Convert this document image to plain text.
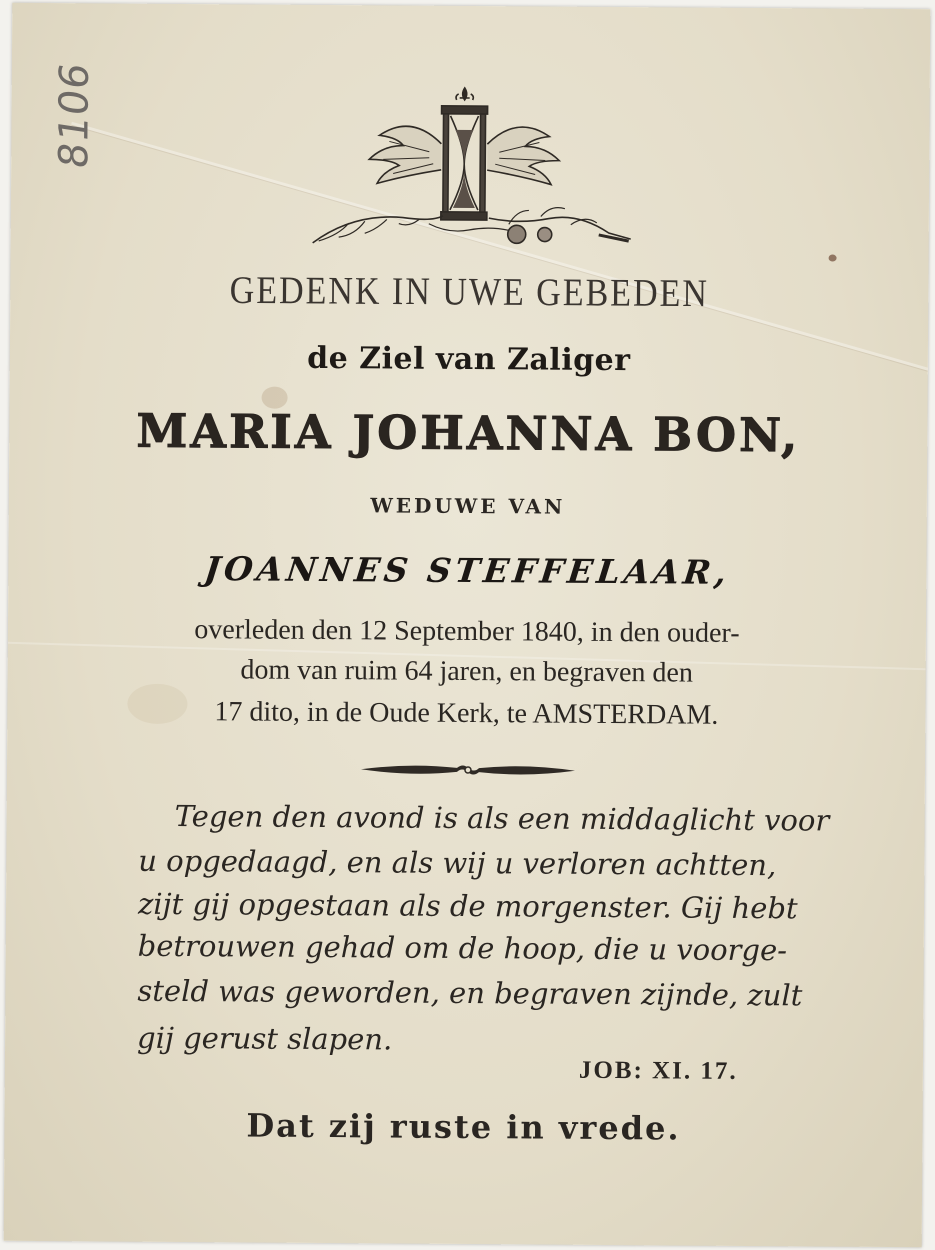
8106
GEDENK IN UWE GEBEDEN
de Ziel van Zaliger
MARIA JOHANNA BON,
WEDUWE VAN
JOANNES STEFFELAAR,
overleden den 12 September 1840, in den ouder-
dom van ruim 64 jaren, en begraven den
17 dito, in de Oude Kerk, te AMSTERDAM.
Tegen den avond is als een middaglicht voor
u opgedaagd, en als wij u verloren achtten,
zijt gij opgestaan als de morgenster. Gij hebt
betrouwen gehad om de hoop, die u voorge-
steld was geworden, en begraven zijnde, zult
gij gerust slapen.
JOB: XI. 17.
Dat zij ruste in vrede.
